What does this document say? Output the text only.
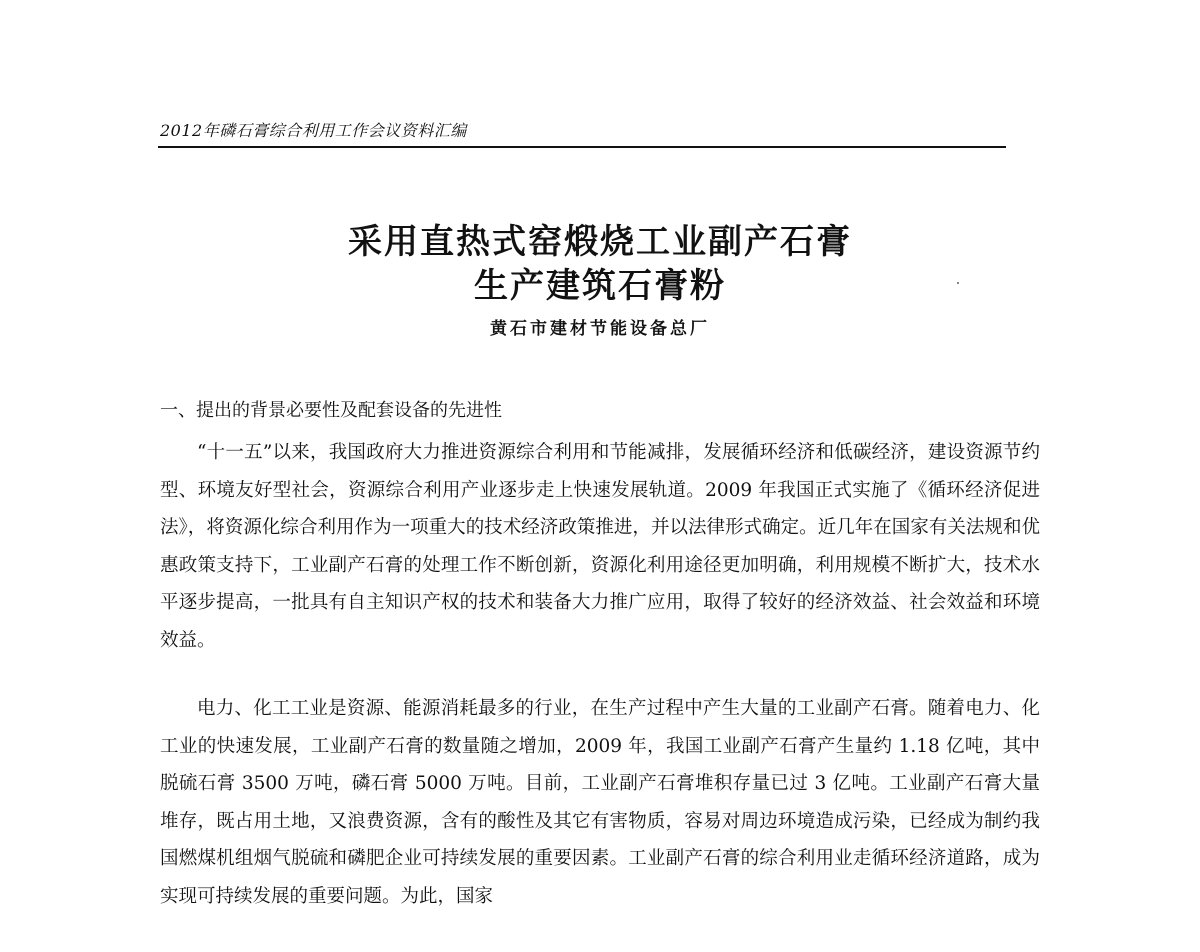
2012年磷石膏综合利用工作会议资料汇编
采用直热式窑煅烧工业副产石膏
生产建筑石膏粉
黄石市建材节能设备总厂
一、提出的背景必要性及配套设备的先进性

“十一五”以来，我国政府大力推进资源综合利用和节能减排，发展循环经济和低碳经济，建设资源节约型、环境友好型社会，资源综合利用产业逐步走上快速发展轨道。2009 年我国正式实施了《循环经济促进法》，将资源化综合利用作为一项重大的技术经济政策推进，并以法律形式确定。近几年在国家有关法规和优惠政策支持下，工业副产石膏的处理工作不断创新，资源化利用途径更加明确，利用规模不断扩大，技术水平逐步提高，一批具有自主知识产权的技术和装备大力推广应用，取得了较好的经济效益、社会效益和环境效益。

电力、化工工业是资源、能源消耗最多的行业，在生产过程中产生大量的工业副产石膏。随着电力、化工业的快速发展，工业副产石膏的数量随之增加，2009 年，我国工业副产石膏产生量约 1.18 亿吨，其中脱硫石膏 3500 万吨，磷石膏 5000 万吨。目前，工业副产石膏堆积存量已过 3 亿吨。工业副产石膏大量堆存，既占用土地，又浪费资源，含有的酸性及其它有害物质，容易对周边环境造成污染，已经成为制约我国燃煤机组烟气脱硫和磷肥企业可持续发展的重要因素。工业副产石膏的综合利用业走循环经济道路，成为实现可持续发展的重要问题。为此，国家
